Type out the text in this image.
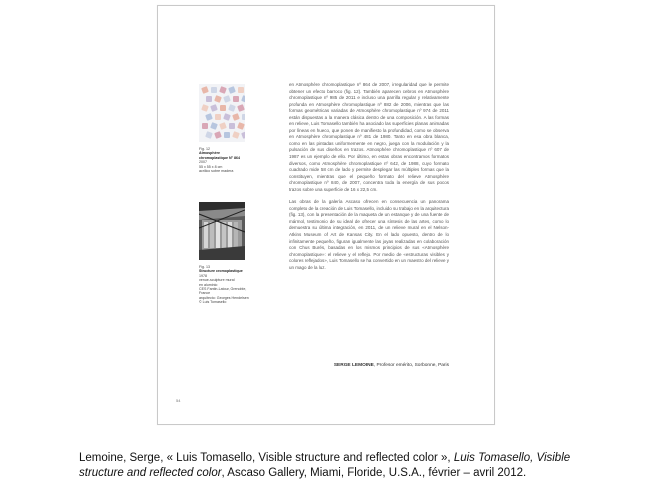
Fig. 12
Atmosphère
chromoplastique N° 864
2007
55 x 55 x 8 cm
acrilico sobre madera
Fig. 13
Structure cromoplastique
1978
venue-sculpture mural
en aluminio
CES Fantin-Latour, Grenoble,
France
arquitecto: Georges Hendelsen
© Luis Tomasello

en Atmosphère chromoplastique nº 864 de 2007, irregularidad que le permite obtener un efecto barroco (fig. 12). También aparecen cebros en Atmosphère chromoplastique nº 985 de 2011 e incluso una parrilla regular y relativamente profunda en Atmosphère chromoplastique nº 882 de 2006, mientras que las formas geométricas variadas de Atmosphère chromoplastique nº 974 de 2011 están dispuestas a la manera clásica dentro de una composición. A las formas en relieve, Luis Tomasello también ha asociado las superficies planas animadas por líneas en hueco, que ponen de manifiesto la profundidad, como se observa en Atmosphère chromoplastique nº 481 de 1980. Tanto en esa obra blanca, como en las pintadas uniformemente en negro, juega con la modulación y la pulsación de sus diseños en trazos. Atmosphère chromoplastique nº 607 de 1987 es un ejemplo de ello. Por último, en estas obras encontramos formatos diversos, como Atmosphère chromoplastique nº 642, de 1988, cuyo formato cuadrado mide 58 cm de lado y permite desplegar las múltiples formas que la constituyen, mientras que el pequeño formato del relieve Atmosphère chromoplastique nº 840, de 2007, concentra toda la energía de sus pocos trazos sobre una superficie de 16 x 22,5 cm.

Las obras de la galería Ascaso ofrecen en consecuencia un panorama completo de la creación de Luis Tomasello, incluido su trabajo en la arquitectura (fig. 13), con la presentación de la maqueta de un estanque y de una fuente de mármol, testimonio de su ideal de ofrecer una síntesis de las artes, como lo demuestra su última integración, en 2011, de un relieve mural en el Nelson-Atkins Museum of Art de Kansas City. En el lado opuesto, dentro de lo infinitamente pequeño, figuran igualmente las joyas realizadas en colaboración con Chus Burés, basadas en los mismos principios de sus «Atmosphère chromoplastique»: el relieve y el reflejo. Por medio de «estructuras visibles y colores reflejados», Luis Tomasello se ha convertido en un maestro del relieve y un mago de la luz.

SERGE LEMOINE, Profesor emérito, Sorbonne, Paris
54
Lemoine, Serge, « Luis Tomasello, Visible structure and reflected color », Luis Tomasello, Visible structure and reflected color, Ascaso Gallery, Miami, Floride, U.S.A., février – avril 2012.
